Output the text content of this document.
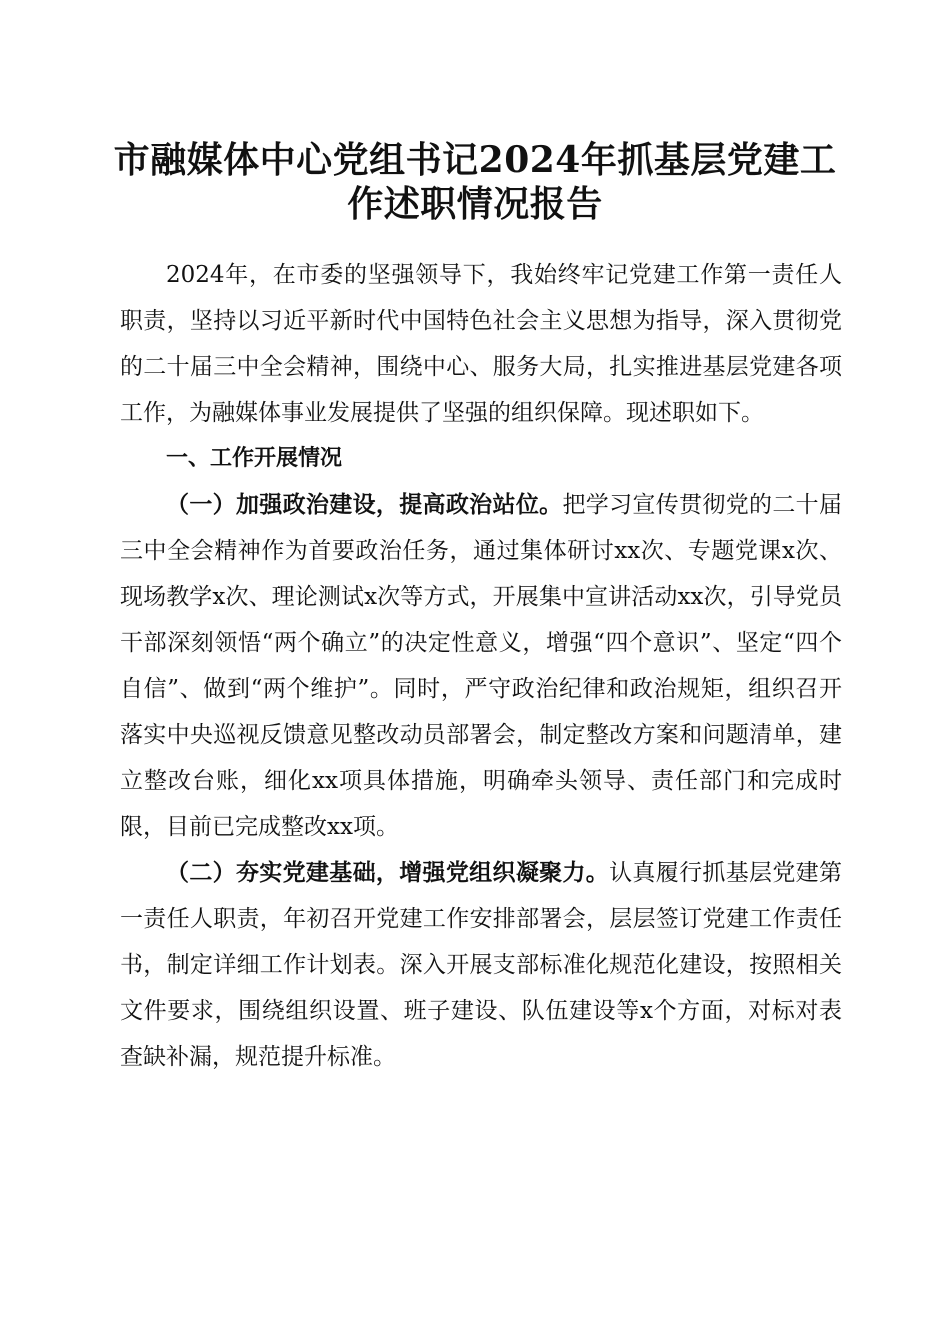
市融媒体中心党组书记2024年抓基层党建工
作述职情况报告

2024年，在市委的坚强领导下，我始终牢记党建工作第一责任人职责，坚持以习近平新时代中国特色社会主义思想为指导，深入贯彻党的二十届三中全会精神，围绕中心、服务大局，扎实推进基层党建各项工作，为融媒体事业发展提供了坚强的组织保障。现述职如下。

一、工作开展情况

（一）加强政治建设，提高政治站位。把学习宣传贯彻党的二十届三中全会精神作为首要政治任务，通过集体研讨xx次、专题党课x次、现场教学x次、理论测试x次等方式，开展集中宣讲活动xx次，引导党员干部深刻领悟“两个确立”的决定性意义，增强“四个意识”、坚定“四个自信”、做到“两个维护”。同时，严守政治纪律和政治规矩，组织召开落实中央巡视反馈意见整改动员部署会，制定整改方案和问题清单，建立整改台账，细化xx项具体措施，明确牵头领导、责任部门和完成时限，目前已完成整改xx项。

（二）夯实党建基础，增强党组织凝聚力。认真履行抓基层党建第一责任人职责，年初召开党建工作安排部署会，层层签订党建工作责任书，制定详细工作计划表。深入开展支部标准化规范化建设，按照相关文件要求，围绕组织设置、班子建设、队伍建设等x个方面，对标对表查缺补漏，规范提升标准。
